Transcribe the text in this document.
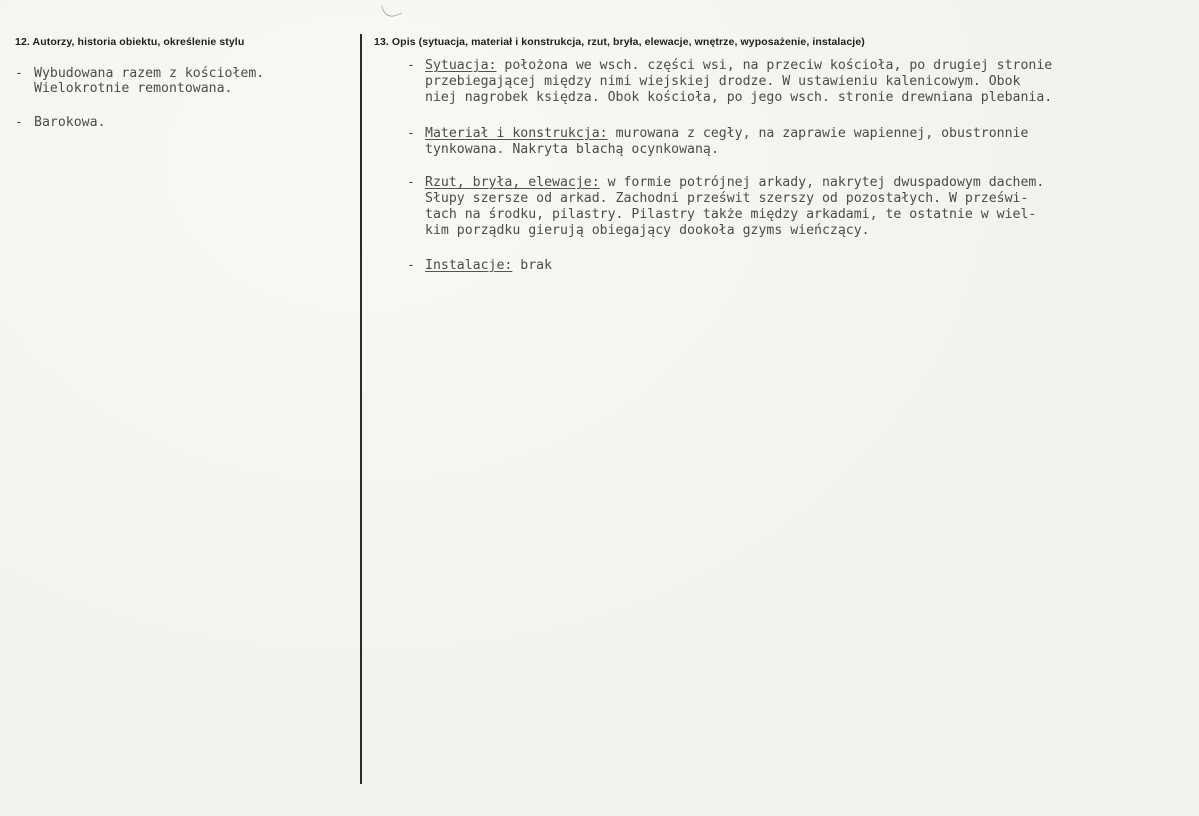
12. Autorzy, historia obiektu, określenie stylu
- Wybudowana razem z kościołem.
Wielokrotnie remontowana.
- Barokowa.
13. Opis (sytuacja, materiał i konstrukcja, rzut, bryła, elewacje, wnętrze, wyposażenie, instalacje)
- Sytuacja: położona we wsch. części wsi, na przeciw kościoła, po drugiej stronie
przebiegającej między nimi wiejskiej drodze. W ustawieniu kalenicowym. Obok
niej nagrobek księdza. Obok kościoła, po jego wsch. stronie drewniana plebania.
- Materiał i konstrukcja: murowana z cegły, na zaprawie wapiennej, obustronnie
tynkowana. Nakryta blachą ocynkowaną.
- Rzut, bryła, elewacje: w formie potrójnej arkady, nakrytej dwuspadowym dachem.
Słupy szersze od arkad. Zachodni prześwit szerszy od pozostałych. W prześwi-
tach na środku, pilastry. Pilastry także między arkadami, te ostatnie w wiel-
kim porządku gierują obiegający dookoła gzyms wieńczący.
- Instalacje: brak
